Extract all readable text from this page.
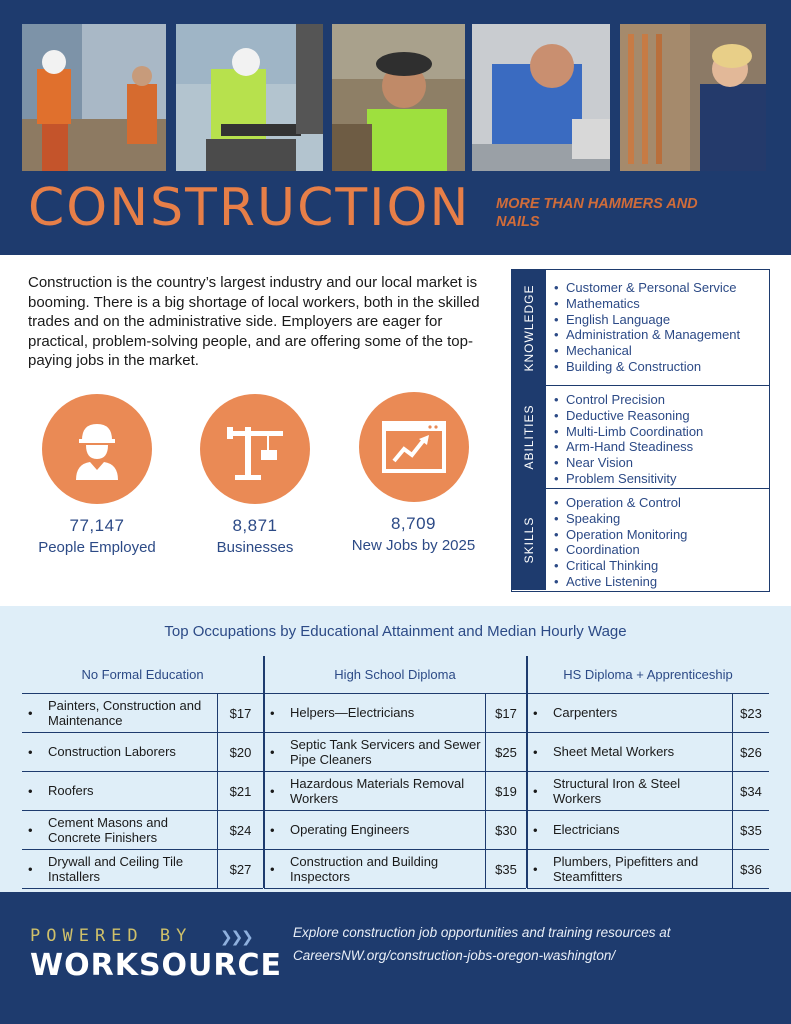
CONSTRUCTION MORE THAN HAMMERS AND NAILS
Construction is the country’s largest industry and our local market is booming. There is a big shortage of local workers, both in the skilled trades and on the administrative side. Employers are eager for practical, problem-solving people, and are offering some of the top-paying jobs in the market.
77,147
People Employed
8,871
Businesses
8,709
New Jobs by 2025
KNOWLEDGE
•	Customer & Personal Service
• Mathematics
• English Language
• Administration & Management
• Mechanical
• Building & Construction
ABILITIES
• Control Precision
• Deductive Reasoning
• Multi-Limb Coordination
• Arm-Hand Steadiness
• Near Vision
• Problem Sensitivity
SKILLS
• Operation & Control
• Speaking
• Operation Monitoring
• Coordination
• Critical Thinking
• Active Listening
Top Occupations by Educational Attainment and Median Hourly Wage
No Formal Education
• Painters, Construction and Maintenance	$17
• Construction Laborers	$20
• Roofers	$21
• Cement Masons and Concrete Finishers	$24
• Drywall and Ceiling Tile Installers	$27
High School Diploma
• Helpers—Electricians	$17
• Septic Tank Servicers and Sewer Pipe Cleaners	$25
• Hazardous Materials Removal Workers	$19
• Operating Engineers	$30
• Construction and Building Inspectors	$35
HS Diploma + Apprenticeship
• Carpenters	$23
• Sheet Metal Workers	$26
• Structural Iron & Steel Workers	$34
• Electricians	$35
• Plumbers, Pipefitters and Steamfitters	$36
POWERED BY ❯❯❯
WORKSOURCE
Explore construction job opportunities and training resources at
CareersNW.org/construction-jobs-oregon-washington/
